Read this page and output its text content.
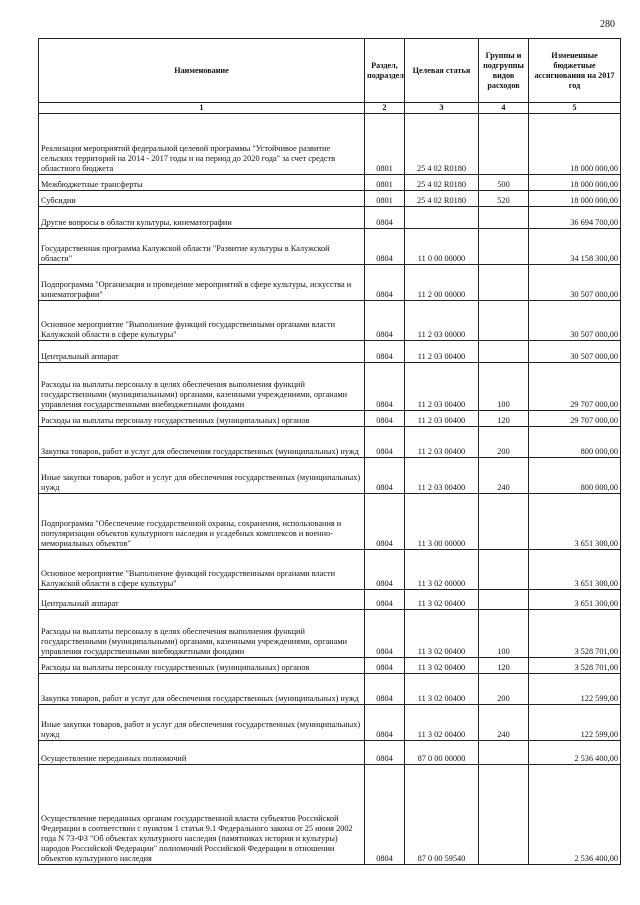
280
Наименование	Раздел, подраздел	Целевая статья	Группы и подгруппы видов расходов	Измененные бюджетные ассигнования на 2017 год
1	2	3	4	5
Реализация мероприятий федеральной целевой программы "Устойчивое развитие сельских территорий на 2014 - 2017 годы и на период до 2020 года" за счет средств областного бюджета	0801	25 4 02 R0180		18 000 000,00
Межбюджетные трансферты	0801	25 4 02 R0180	500	18 000 000,00
Субсидии	0801	25 4 02 R0180	520	18 000 000,00
Другие вопросы в области культуры, кинематографии	0804			36 694 700,00
Государственная программа Калужской области "Развитие культуры в Калужской области"	0804	11 0 00 00000		34 158 300,00
Подпрограмма "Организация и проведение мероприятий в сфере культуры, искусства и кинематографии"	0804	11 2 00 00000		30 507 000,00
Основное мероприятие "Выполнение функций государственными органами власти Калужской области в сфере культуры"	0804	11 2 03 00000		30 507 000,00
Центральный аппарат	0804	11 2 03 00400		30 507 000,00
Расходы на выплаты персоналу в целях обеспечения выполнения функций государственными (муниципальными) органами, казенными учреждениями, органами управления государственными внебюджетными фондами	0804	11 2 03 00400	100	29 707 000,00
Расходы на выплаты персоналу государственных (муниципальных) органов	0804	11 2 03 00400	120	29 707 000,00
Закупка товаров, работ и услуг для обеспечения государственных (муниципальных) нужд	0804	11 2 03 00400	200	800 000,00
Иные закупки товаров, работ и услуг для обеспечения государственных (муниципальных) нужд	0804	11 2 03 00400	240	800 000,00
Подпрограмма "Обеспечение государственной охраны, сохранения, использования и популяризации объектов культурного наследия и усадебных комплексов и военно-мемориальных объектов"	0804	11 3 00 00000		3 651 300,00
Основное мероприятие "Выполнение функций государственными органами власти Калужской области в сфере культуры"	0804	11 3 02 00000		3 651 300,00
Центральный аппарат	0804	11 3 02 00400		3 651 300,00
Расходы на выплаты персоналу в целях обеспечения выполнения функций государственными (муниципальными) органами, казенными учреждениями, органами управления государственными внебюджетными фондами	0804	11 3 02 00400	100	3 528 701,00
Расходы на выплаты персоналу государственных (муниципальных) органов	0804	11 3 02 00400	120	3 528 701,00
Закупка товаров, работ и услуг для обеспечения государственных (муниципальных) нужд	0804	11 3 02 00400	200	122 599,00
Иные закупки товаров, работ и услуг для обеспечения государственных (муниципальных) нужд	0804	11 3 02 00400	240	122 599,00
Осуществление переданных полномочий	0804	87 0 00 00000		2 536 400,00
Осуществление переданных органам государственной власти субъектов Российской Федерации в соответствии с пунктом 1 статьи 9.1 Федерального закона от 25 июня 2002 года N 73-ФЗ "Об объектах культурного наследия (памятниках истории и культуры) народов Российской Федерации" полномочий Российской Федерации в отношении объектов культурного наследия	0804	87 0 00 59540		2 536 400,00
